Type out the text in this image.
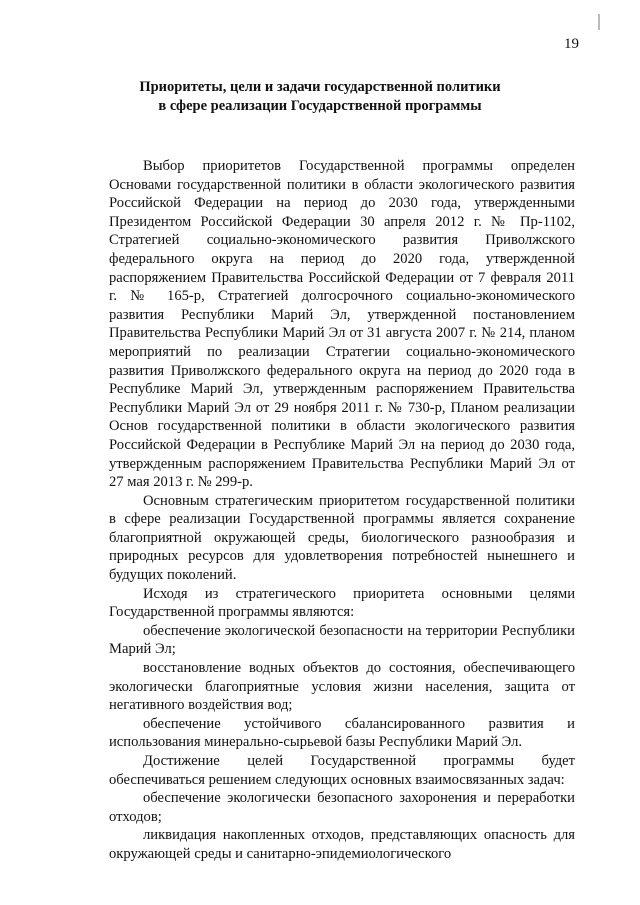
19
Приоритеты, цели и задачи государственной политики
в сфере реализации Государственной программы

Выбор приоритетов Государственной программы определен Основами государственной политики в области экологического развития Российской Федерации на период до 2030 года, утвержденными Президентом Российской Федерации 30 апреля 2012 г. № Пр-1102, Стратегией социально-экономического развития Приволжского федерального округа на период до 2020 года, утвержденной распоряжением Правительства Российской Федерации от 7 февраля 2011 г. № 165-р, Стратегией долгосрочного социально-экономического развития Республики Марий Эл, утвержденной постановлением Правительства Республики Марий Эл от 31 августа 2007 г. № 214, планом мероприятий по реализации Стратегии социально-экономического развития Приволжского федерального округа на период до 2020 года в Республике Марий Эл, утвержденным распоряжением Правительства Республики Марий Эл от 29 ноября 2011 г. № 730-р, Планом реализации Основ государственной политики в области экологического развития Российской Федерации в Республике Марий Эл на период до 2030 года, утвержденным распоряжением Правительства Республики Марий Эл от 27 мая 2013 г. № 299-р.

Основным стратегическим приоритетом государственной политики в сфере реализации Государственной программы является сохранение благоприятной окружающей среды, биологического разнообразия и природных ресурсов для удовлетворения потребностей нынешнего и будущих поколений.

Исходя из стратегического приоритета основными целями Государственной программы являются:

обеспечение экологической безопасности на территории Республики Марий Эл;

восстановление водных объектов до состояния, обеспечивающего экологически благоприятные условия жизни населения, защита от негативного воздействия вод;

обеспечение устойчивого сбалансированного развития и использования минерально-сырьевой базы Республики Марий Эл.

Достижение целей Государственной программы будет обеспечиваться решением следующих основных взаимосвязанных задач:

обеспечение экологически безопасного захоронения и переработки отходов;

ликвидация накопленных отходов, представляющих опасность для окружающей среды и санитарно-эпидемиологического
